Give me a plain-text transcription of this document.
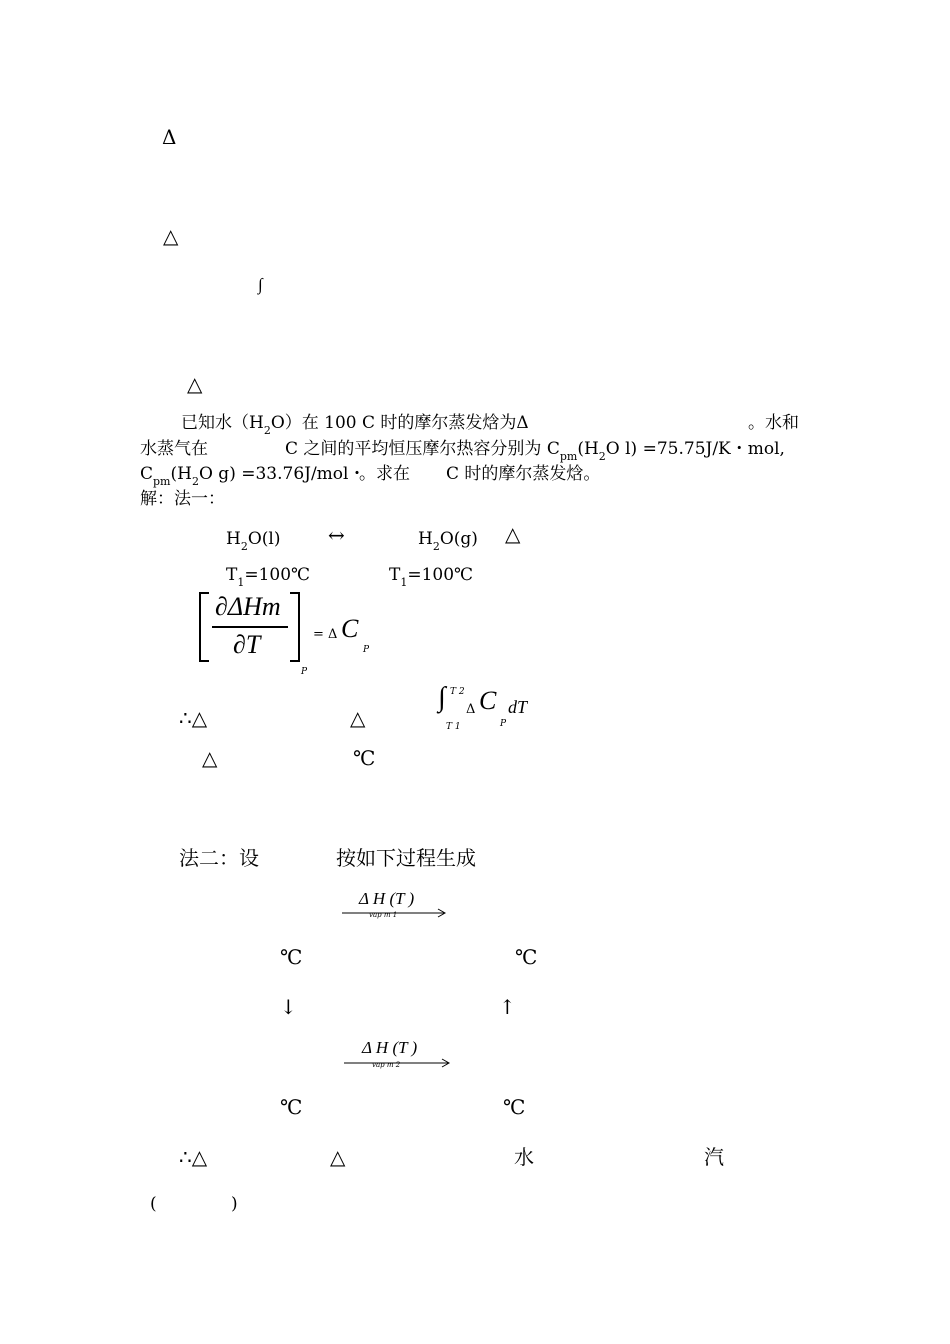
Δ
△
∫
△
已知水$(H_2O)$在 100 C 时的摩尔蒸发焓为Δ	。水和
水蒸气在	C 之间的平均恒压摩尔热容分别为 $C_{pm}(H_2O$ l) =75.75J/K・mol,
$C_{pm}(H_2O$ g) =33.76J/mol・
。求在 C 时的摩尔蒸发焓。
解：法一：
$H_2O(l)$ ↔	$H_2O(g)$ △
$T_1=100℃$	$T_1=100℃$
∂ΔHm
∂T
P
= Δ C
P
∴△	△
∫ T 2
T 1
Δ C
P
dT
△	℃
法二：设	按如下过程生成
Δ H (T )
vap m 1
℃	℃
↓	↑
Δ H (T )
vap m 2
℃	℃
∴△	△	水	汽
(	)
